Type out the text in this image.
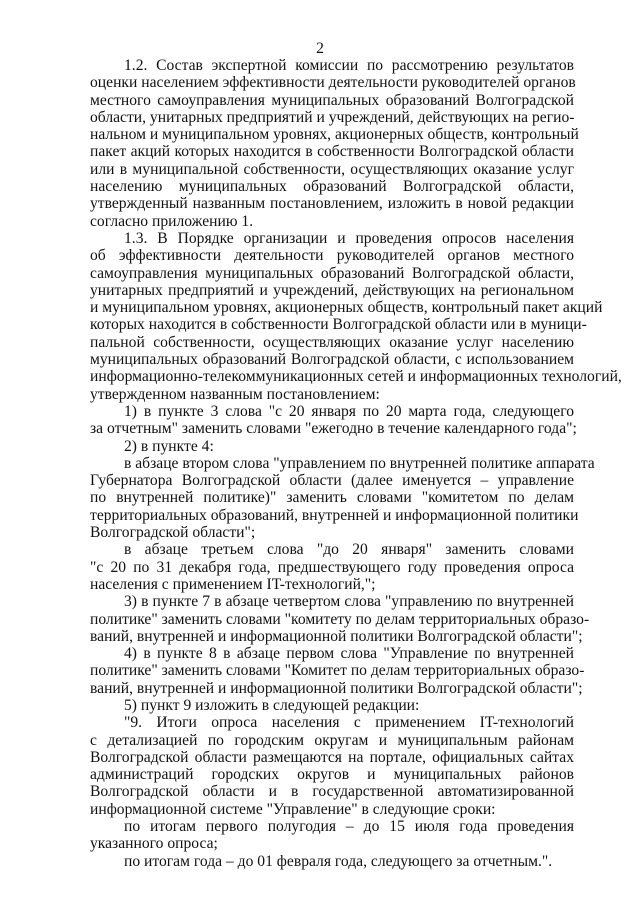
2
1.2. Состав экспертной комиссии по рассмотрению результатов
оценки населением эффективности деятельности руководителей органов
местного самоуправления муниципальных образований Волгоградской
области, унитарных предприятий и учреждений, действующих на регио-
нальном и муниципальном уровнях, акционерных обществ, контрольный
пакет акций которых находится в собственности Волгоградской области
или в муниципальной собственности, осуществляющих оказание услуг
населению муниципальных образований Волгоградской области,
утвержденный названным постановлением, изложить в новой редакции
согласно приложению 1.
1.3. В Порядке организации и проведения опросов населения
об эффективности деятельности руководителей органов местного
самоуправления муниципальных образований Волгоградской области,
унитарных предприятий и учреждений, действующих на региональном
и муниципальном уровнях, акционерных обществ, контрольный пакет акций
которых находится в собственности Волгоградской области или в муници-
пальной собственности, осуществляющих оказание услуг населению
муниципальных образований Волгоградской области, с использованием
информационно-телекоммуникационных сетей и информационных технологий,
утвержденном названным постановлением:
1) в пункте 3 слова "с 20 января по 20 марта года, следующего
за отчетным" заменить словами "ежегодно в течение календарного года";
2) в пункте 4:
в абзаце втором слова "управлением по внутренней политике аппарата
Губернатора Волгоградской области (далее именуется – управление
по внутренней политике)" заменить словами "комитетом по делам
территориальных образований, внутренней и информационной политики
Волгоградской области";
в абзаце третьем слова "до 20 января" заменить словами
"с 20 по 31 декабря года, предшествующего году проведения опроса
населения с применением IT-технологий,";
3) в пункте 7 в абзаце четвертом слова "управлению по внутренней
политике" заменить словами "комитету по делам территориальных образо-
ваний, внутренней и информационной политики Волгоградской области";
4) в пункте 8 в абзаце первом слова "Управление по внутренней
политике" заменить словами "Комитет по делам территориальных образо-
ваний, внутренней и информационной политики Волгоградской области";
5) пункт 9 изложить в следующей редакции:
"9. Итоги опроса населения с применением IT-технологий
с детализацией по городским округам и муниципальным районам
Волгоградской области размещаются на портале, официальных сайтах
администраций городских округов и муниципальных районов
Волгоградской области и в государственной автоматизированной
информационной системе "Управление" в следующие сроки:
по итогам первого полугодия – до 15 июля года проведения
указанного опроса;
по итогам года – до 01 февраля года, следующего за отчетным.".
